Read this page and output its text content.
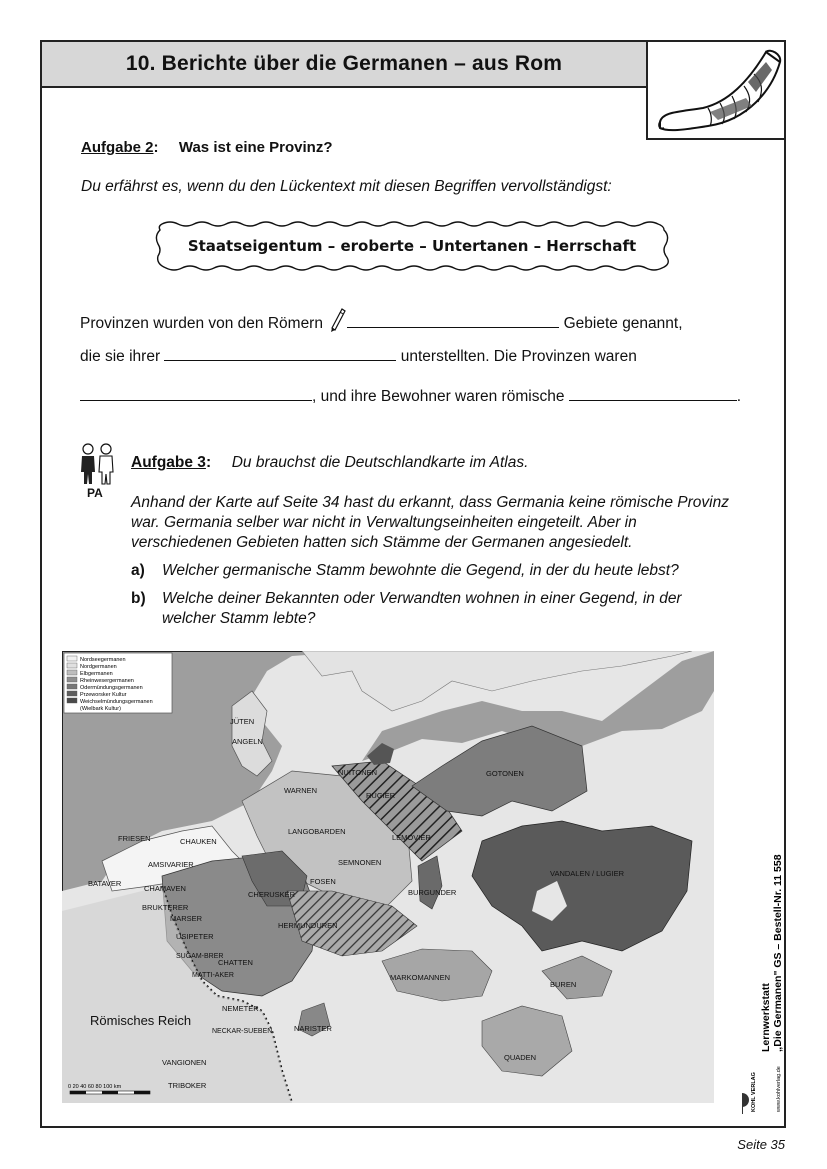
10. Berichte über die Germanen – aus Rom
Aufgabe 2: Was ist eine Provinz?
Du erfährst es, wenn du den Lückentext mit diesen Begriffen vervollständigst:
Staatseigentum – eroberte – Untertanen – Herrschaft
Provinzen wurden von den Römern	Gebiete genannt,
die sie ihrer	unterstellten. Die Provinzen waren
, und ihre Bewohner waren römische	.
PA
Aufgabe 3: Du brauchst die Deutschlandkarte im Atlas.
Anhand der Karte auf Seite 34 hast du erkannt, dass Germania keine römische Provinz war. Germania selber war nicht in Verwaltungseinheiten eingeteilt. Aber in verschiedenen Gebieten hatten sich Stämme der Germanen angesiedelt.
a) Welcher germanische Stamm bewohnte die Gegend, in der du heute lebst?
b) Welche deiner Bekannten oder Verwandten wohnen in einer Gegend, in der welcher Stamm lebte?
Nordseegermanen
Nordgermanen
Elbgermanen
Rheinwesergermanen
Odermündungsgermanen
Przeworsker Kultur
Weichselmündungsgermanen
(Wielbark Kultur)
JÜTEN
ANGELN
WARNEN
RUGIER
NUITONEN	GOTONEN
FRIESEN	CHAUKEN
LANGOBARDEN
LEMOVIER
AMSIVARIER	SEMNONEN
VANDALEN / LUGIER
BATAVER
CHAMAVEN
CHERUSKER
FOSEN
BURGUNDER
BRUKTERER
MARSER
HERMUNDUREN
USIPETER
SUGAM-BRER
CHATTEN
MATTI-AKER	MARKOMANNEN
BUREN
NEMETER
NARISTER
NECKAR-SUEBEN
QUADEN
VANGIONEN
TRIBOKER
Römisches Reich
0 20 40 60 80 100 km
Lernwerkstatt „Die Germanen" GS – Bestell-Nr. 11 558
KOHL VERLAG	www.kohlverlag.de
Seite 35
